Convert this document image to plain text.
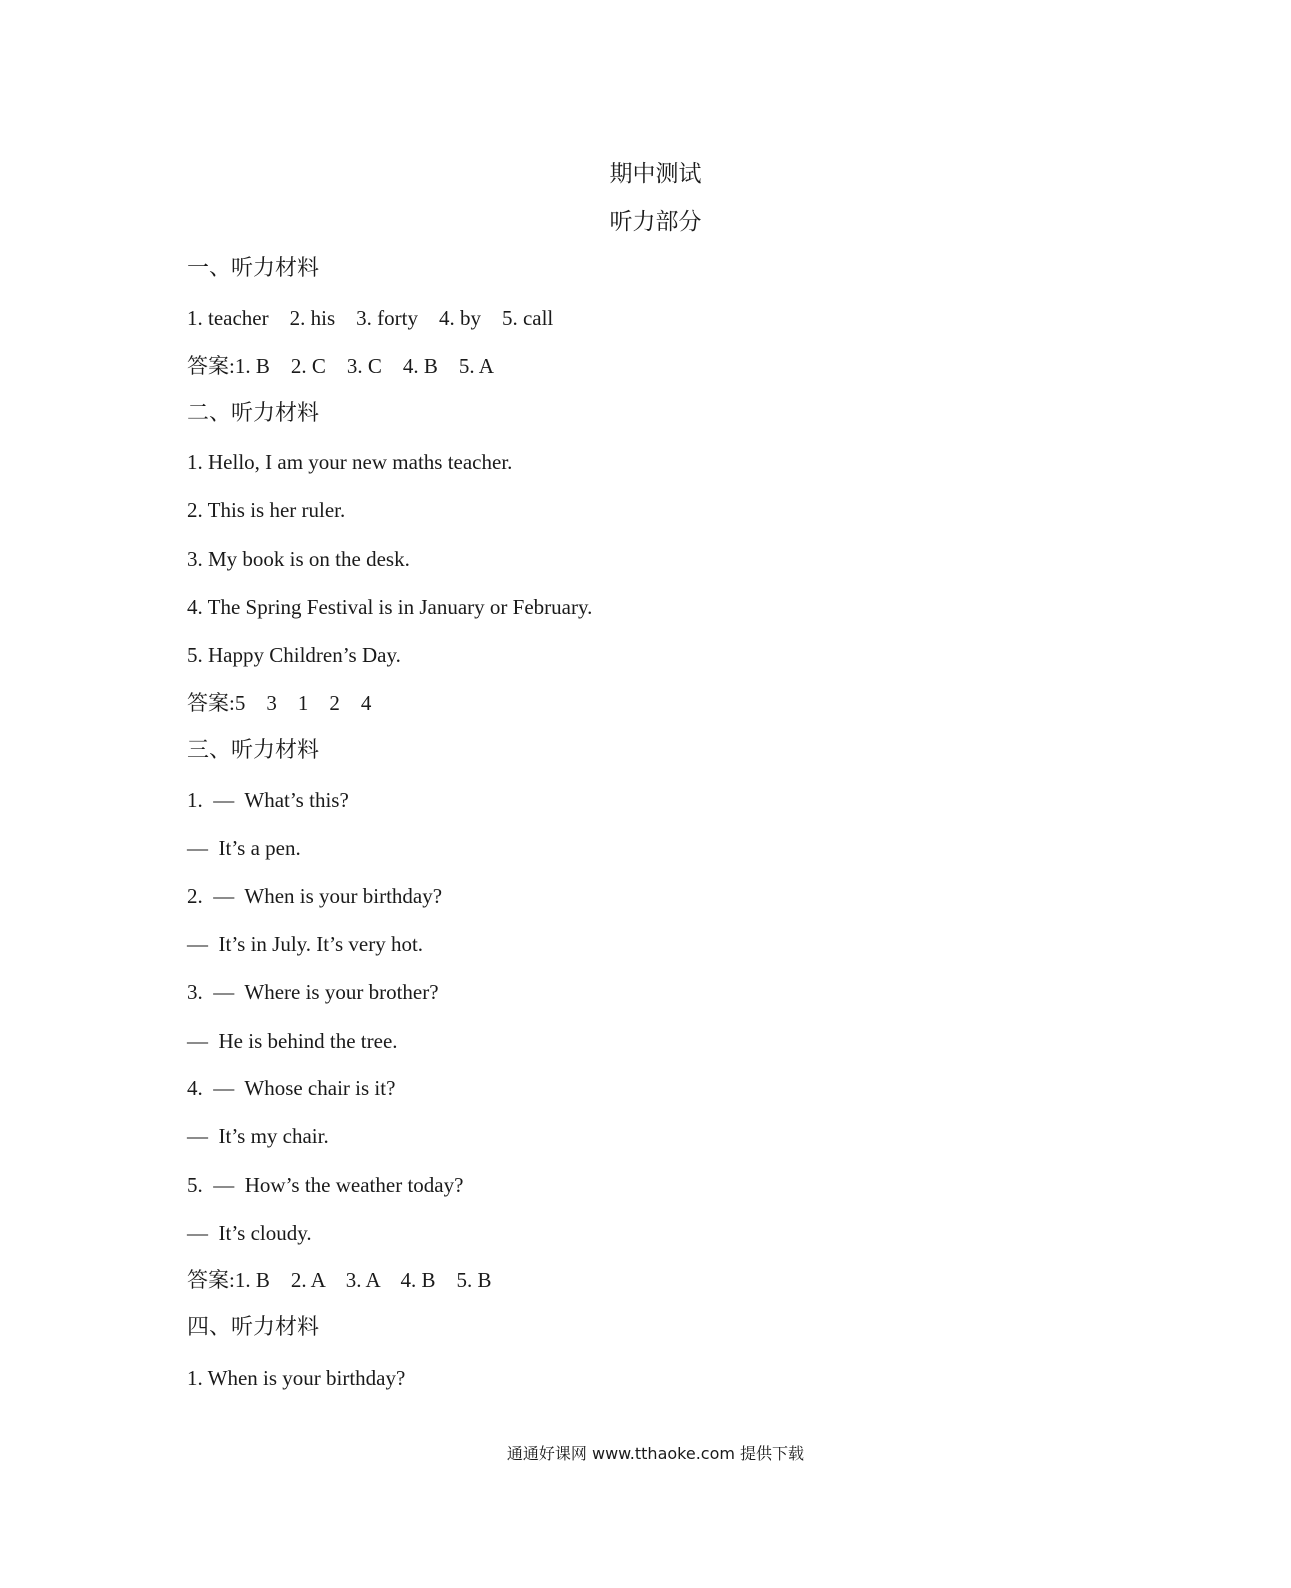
期中测试
听力部分
一、听力材料
1. teacher    2. his    3. forty    4. by    5. call
答案:1. B    2. C    3. C    4. B    5. A
二、听力材料
1. Hello, I am your new maths teacher.
2. This is her ruler.
3. My book is on the desk.
4. The Spring Festival is in January or February.
5. Happy Children’s Day.
答案:5    3    1    2    4
三、听力材料
1.  —  What’s this?
—  It’s a pen.
2.  —  When is your birthday?
—  It’s in July. It’s very hot.
3.  —  Where is your brother?
—  He is behind the tree.
4.  —  Whose chair is it?
—  It’s my chair.
5.  —  How’s the weather today?
—  It’s cloudy.
答案:1. B    2. A    3. A    4. B    5. B
四、听力材料
1. When is your birthday?
通通好课网 www.tthaoke.com 提供下载
